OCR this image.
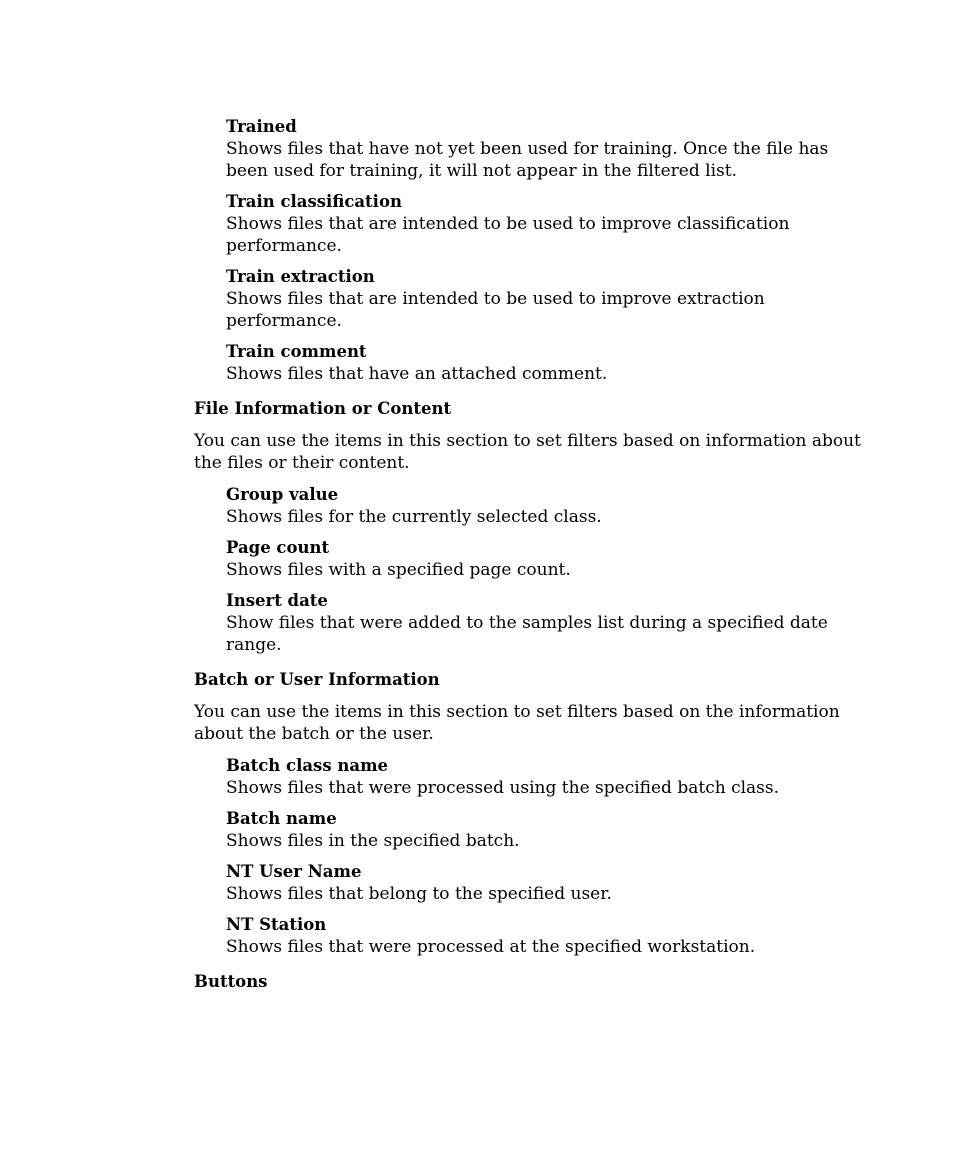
Trained
Shows files that have not yet been used for training. Once the file has been used for training, it will not appear in the filtered list.
Train classification
Shows files that are intended to be used to improve classification performance.
Train extraction
Shows files that are intended to be used to improve extraction performance.
Train comment
Shows files that have an attached comment.
File Information or Content
You can use the items in this section to set filters based on information about the files or their content.
Group value
Shows files for the currently selected class.
Page count
Shows files with a specified page count.
Insert date
Show files that were added to the samples list during a specified date range.
Batch or User Information
You can use the items in this section to set filters based on the information about the batch or the user.
Batch class name
Shows files that were processed using the specified batch class.
Batch name
Shows files in the specified batch.
NT User Name
Shows files that belong to the specified user.
NT Station
Shows files that were processed at the specified workstation.
Buttons
